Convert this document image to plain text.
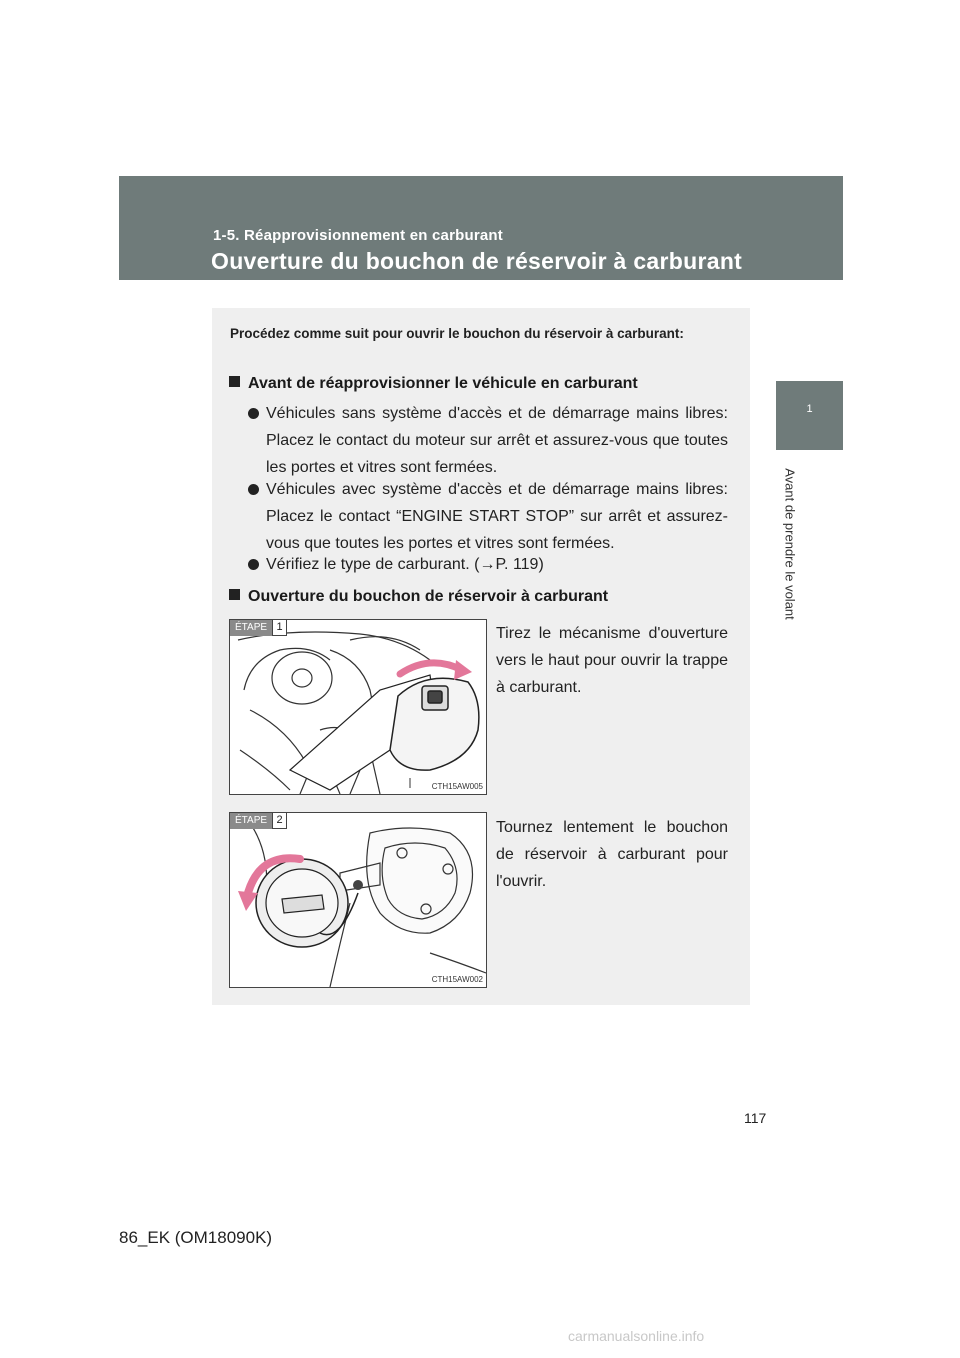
1-5. Réapprovisionnement en carburant
Ouverture du bouchon de réservoir à carburant
1
Avant de prendre le volant
Procédez comme suit pour ouvrir le bouchon du réservoir à carburant:
Avant de réapprovisionner le véhicule en carburant
Véhicules sans système d'accès et de démarrage mains libres: Placez le contact du moteur sur arrêt et assurez-vous que toutes les portes et vitres sont fermées.
Véhicules avec système d'accès et de démarrage mains libres: Placez le contact “ENGINE START STOP” sur arrêt et assurez-vous que toutes les portes et vitres sont fermées.
Vérifiez le type de carburant. (→P. 119)
Ouverture du bouchon de réservoir à carburant
ÉTAPE 1
CTH15AW005
Tirez le mécanisme d'ouverture vers le haut pour ouvrir la trappe à carburant.
ÉTAPE 2
CTH15AW002
Tournez lentement le bouchon de réservoir à carburant pour l'ouvrir.
117
86_EK (OM18090K)
carmanualsonline.info
